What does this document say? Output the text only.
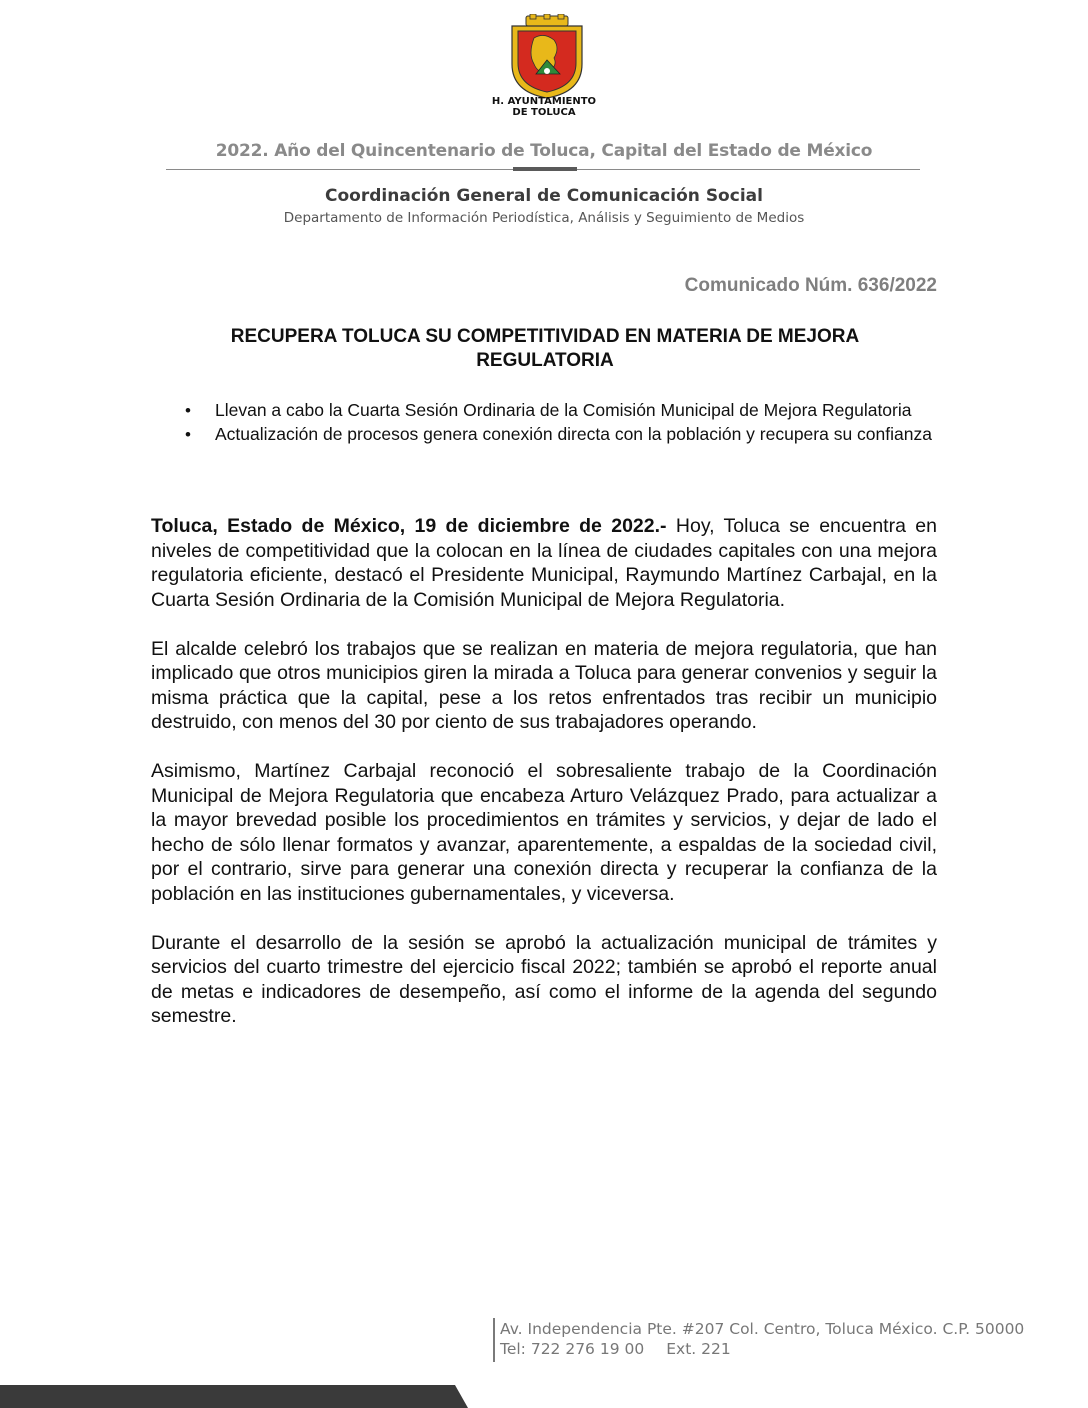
H. AYUNTAMIENTO
DE TOLUCA
2022. Año del Quincentenario de Toluca, Capital del Estado de México
Coordinación General de Comunicación Social
Departamento de Información Periodística, Análisis y Seguimiento de Medios
Comunicado Núm. 636/2022
RECUPERA TOLUCA SU COMPETITIVIDAD EN MATERIA DE MEJORA REGULATORIA
• Llevan a cabo la Cuarta Sesión Ordinaria de la Comisión Municipal de Mejora Regulatoria
• Actualización de procesos genera conexión directa con la población y recupera su confianza

Toluca, Estado de México, 19 de diciembre de 2022.- Hoy, Toluca se encuentra en niveles de competitividad que la colocan en la línea de ciudades capitales con una mejora regulatoria eficiente, destacó el Presidente Municipal, Raymundo Martínez Carbajal, en la Cuarta Sesión Ordinaria de la Comisión Municipal de Mejora Regulatoria.

El alcalde celebró los trabajos que se realizan en materia de mejora regulatoria, que han implicado que otros municipios giren la mirada a Toluca para generar convenios y seguir la misma práctica que la capital, pese a los retos enfrentados tras recibir un municipio destruido, con menos del 30 por ciento de sus trabajadores operando.

Asimismo, Martínez Carbajal reconoció el sobresaliente trabajo de la Coordinación Municipal de Mejora Regulatoria que encabeza Arturo Velázquez Prado, para actualizar a la mayor brevedad posible los procedimientos en trámites y servicios, y dejar de lado el hecho de sólo llenar formatos y avanzar, aparentemente, a espaldas de la sociedad civil, por el contrario, sirve para generar una conexión directa y recuperar la confianza de la población en las instituciones gubernamentales, y viceversa.

Durante el desarrollo de la sesión se aprobó la actualización municipal de trámites y servicios del cuarto trimestre del ejercicio fiscal 2022; también se aprobó el reporte anual de metas e indicadores de desempeño, así como el informe de la agenda del segundo semestre.

Av. Independencia Pte. #207 Col. Centro, Toluca México. C.P. 50000
Tel: 722 276 19 00 Ext. 221
